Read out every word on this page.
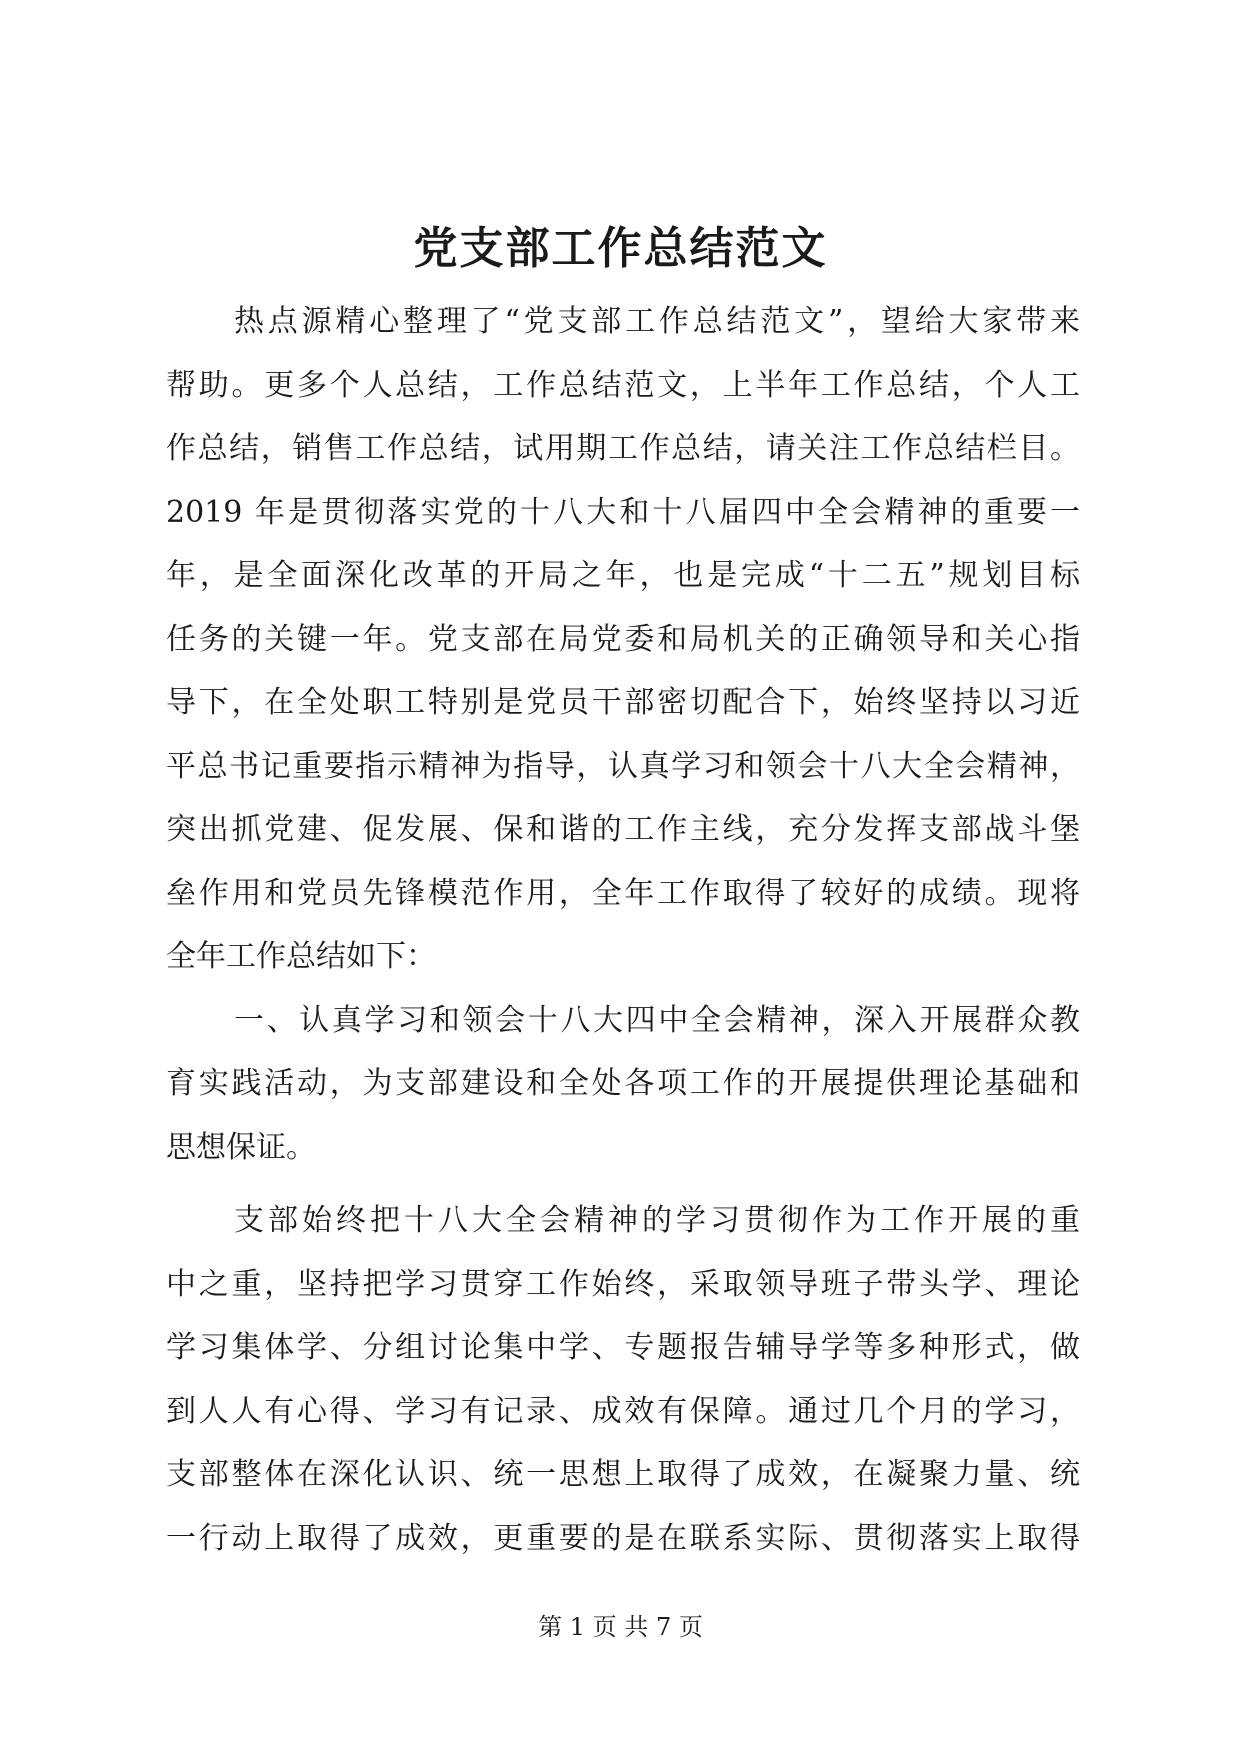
党支部工作总结范文
热点源精心整理了“党支部工作总结范文”，望给大家带来
帮助。更多个人总结，工作总结范文，上半年工作总结，个人工
作总结，销售工作总结，试用期工作总结，请关注工作总结栏目。
2019 年是贯彻落实党的十八大和十八届四中全会精神的重要一
年，是全面深化改革的开局之年，也是完成“十二五”规划目标
任务的关键一年。党支部在局党委和局机关的正确领导和关心指
导下，在全处职工特别是党员干部密切配合下，始终坚持以习近
平总书记重要指示精神为指导，认真学习和领会十八大全会精神，
突出抓党建、促发展、保和谐的工作主线，充分发挥支部战斗堡
垒作用和党员先锋模范作用，全年工作取得了较好的成绩。现将
全年工作总结如下：
一、认真学习和领会十八大四中全会精神，深入开展群众教
育实践活动，为支部建设和全处各项工作的开展提供理论基础和
思想保证。
支部始终把十八大全会精神的学习贯彻作为工作开展的重
中之重，坚持把学习贯穿工作始终，采取领导班子带头学、理论
学习集体学、分组讨论集中学、专题报告辅导学等多种形式，做
到人人有心得、学习有记录、成效有保障。通过几个月的学习，
支部整体在深化认识、统一思想上取得了成效，在凝聚力量、统
一行动上取得了成效，更重要的是在联系实际、贯彻落实上取得
第 1 页 共 7 页
